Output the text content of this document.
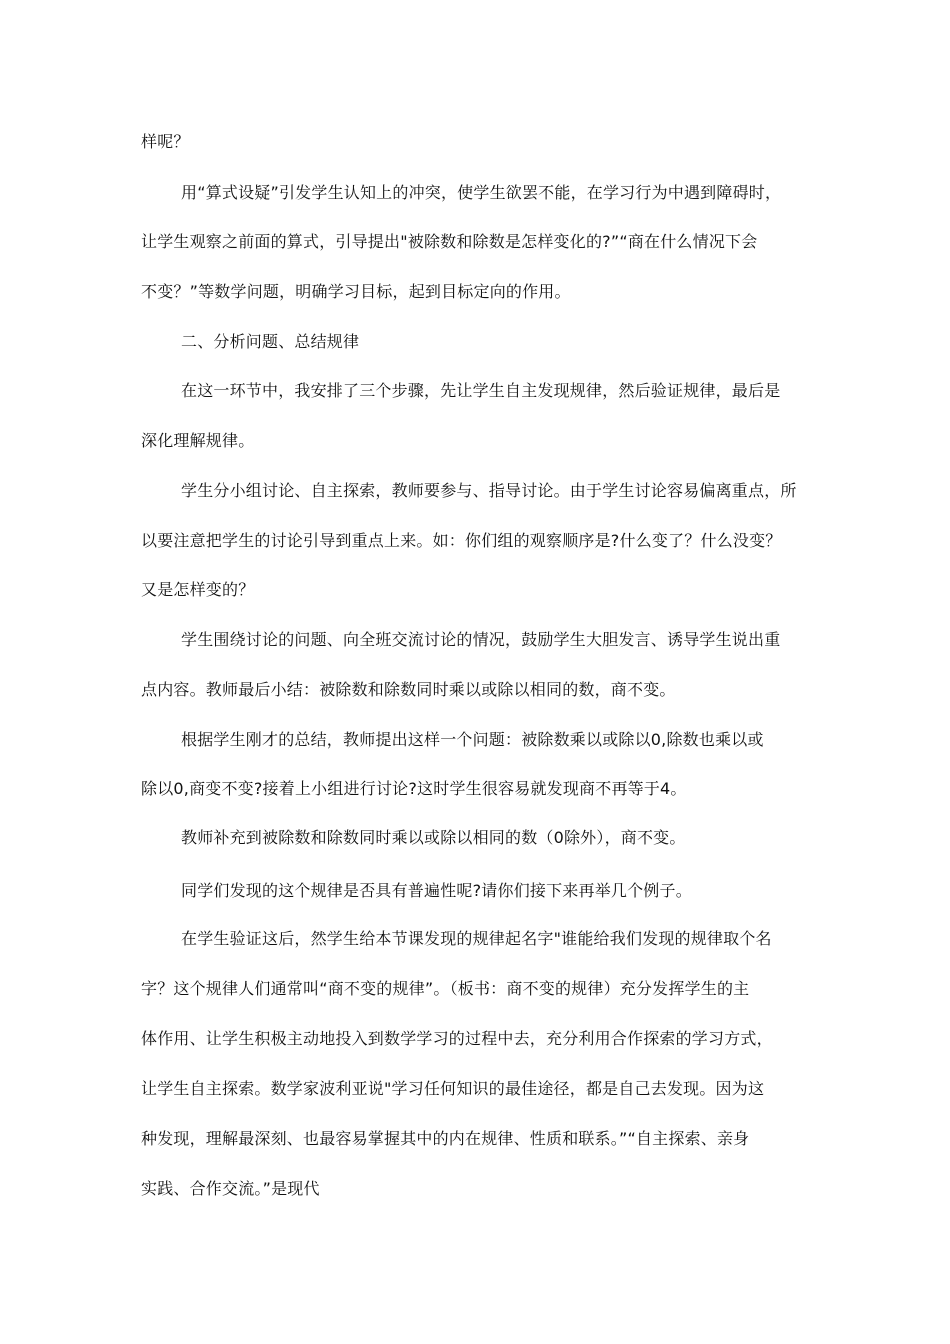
样呢？
用“算式设疑”引发学生认知上的冲突，使学生欲罢不能，在学习行为中遇到障碍时，
让学生观察之前面的算式，引导提出"被除数和除数是怎样变化的?”“商在什么情况下会
不变？”等数学问题，明确学习目标，起到目标定向的作用。
二、分析问题、总结规律
在这一环节中，我安排了三个步骤，先让学生自主发现规律，然后验证规律，最后是
深化理解规律。
学生分小组讨论、自主探索，教师要参与、指导讨论。由于学生讨论容易偏离重点，所
以要注意把学生的讨论引导到重点上来。如：你们组的观察顺序是?什么变了？什么没变？
又是怎样变的？
学生围绕讨论的问题、向全班交流讨论的情况，鼓励学生大胆发言、诱导学生说出重
点内容。教师最后小结：被除数和除数同时乘以或除以相同的数，商不变。
根据学生刚才的总结，教师提出这样一个问题：被除数乘以或除以0,除数也乘以或
除以0,商变不变?接着上小组进行讨论?这时学生很容易就发现商不再等于4。
教师补充到被除数和除数同时乘以或除以相同的数（0除外），商不变。
同学们发现的这个规律是否具有普遍性呢?请你们接下来再举几个例子。
在学生验证这后，然学生给本节课发现的规律起名字"谁能给我们发现的规律取个名
字？这个规律人们通常叫“商不变的规律”。（板书：商不变的规律）充分发挥学生的主
体作用、让学生积极主动地投入到数学学习的过程中去，充分利用合作探索的学习方式，
让学生自主探索。数学家波利亚说"学习任何知识的最佳途径，都是自己去发现。因为这
种发现，理解最深刻、也最容易掌握其中的内在规律、性质和联系。”“自主探索、亲身
实践、合作交流。”是现代
